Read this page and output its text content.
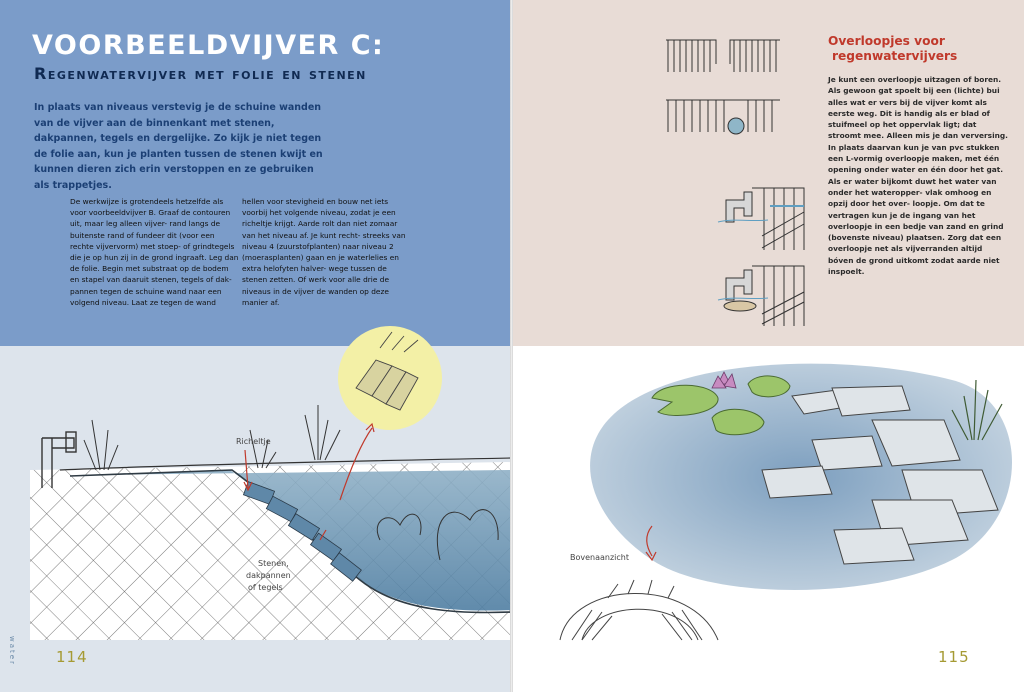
VOORBEELDVIJVER C:
Regenwatervijver met folie en stenen

In plaats van niveaus verstevig je de schuine wanden van de vijver aan de binnenkant met stenen, dakpannen, tegels en dergelijke. Zo kijk je niet tegen de folie aan, kun je planten tussen de stenen kwijt en kunnen dieren zich erin verstoppen en ze gebruiken als trappetjes.

De werkwijze is grotendeels hetzelfde als voor voorbeeldvijver B. Graaf de contouren uit, maar leg alleen vijver- rand langs de buitenste rand of fundeer dit (voor een rechte vijvervorm) met stoep- of grindtegels die je op hun zij in de grond ingraaft. Leg dan de folie. Begin met substraat op de bodem en stapel van daaruit stenen, tegels of dak- pannen tegen de schuine wand naar een volgend niveau. Laat ze tegen de wand

hellen voor stevigheid en bouw net iets voorbij het volgende niveau, zodat je een richeltje krijgt. Aarde rolt dan niet zomaar van het niveau af. Je kunt recht- streeks van niveau 4 (zuurstofplanten) naar niveau 2 (moerasplanten) gaan en je waterlelies en extra helofyten halver- wege tussen de stenen zetten. Of werk voor alle drie de niveaus in de vijver de wanden op deze manier af.

Richeltje
Stenen,
dakpannen
of tegels
water	114
Overloopjes voor
regenwatervijvers

Je kunt een overloopje uitzagen of boren. Als gewoon gat spoelt bij een (lichte) bui alles wat er vers bij de vijver komt als eerste weg. Dit is handig als er blad of stuifmeel op het oppervlak ligt; dat stroomt mee. Alleen mis je dan verversing. In plaats daarvan kun je van pvc stukken een L-vormig overloopje maken, met één opening onder water en één door het gat. Als er water bijkomt duwt het water van onder het wateropper- vlak omhoog en opzij door het over- loopje. Om dat te vertragen kun je de ingang van het overloopje in een bedje van zand en grind (bovenste niveau) plaatsen. Zorg dat een overloopje net als vijverranden altijd bóven de grond uitkomt zodat aarde niet inspoelt.

Bovenaanzicht
115
